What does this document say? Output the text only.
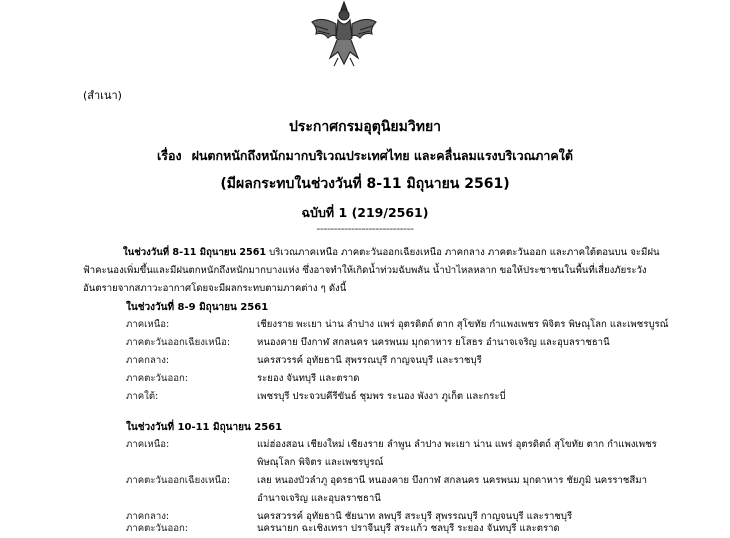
(สำเนา)
ประกาศกรมอุตุนิยมวิทยา
เรื่อง ฝนตกหนักถึงหนักมากบริเวณประเทศไทย และคลื่นลมแรงบริเวณภาคใต้
(มีผลกระทบในช่วงวันที่ 8-11 มิถุนายน 2561)
ฉบับที่ 1 (219/2561)
----------------------------
ในช่วงวันที่ 8-11 มิถุนายน 2561 บริเวณภาคเหนือ ภาคตะวันออกเฉียงเหนือ ภาคกลาง ภาคตะวันออก และภาคใต้ตอนบน จะมีฝนฟ้าคะนองเพิ่มขึ้นและมีฝนตกหนักถึงหนักมากบางแห่ง ซึ่งอาจทำให้เกิดน้ำท่วมฉับพลัน น้ำป่าไหลหลาก ขอให้ประชาชนในพื้นที่เสี่ยงภัยระวังอันตรายจากสภาวะอากาศโดยจะมีผลกระทบตามภาคต่าง ๆ ดังนี้
ในช่วงวันที่ 8-9 มิถุนายน 2561
ภาคเหนือ:	เชียงราย พะเยา น่าน ลำปาง แพร่ อุตรดิตถ์ ตาก สุโขทัย กำแพงเพชร พิจิตร พิษณุโลก และเพชรบูรณ์
ภาคตะวันออกเฉียงเหนือ:	หนองคาย บึงกาฬ สกลนคร นครพนม มุกดาหาร ยโสธร อำนาจเจริญ และอุบลราชธานี
ภาคกลาง:	นครสวรรค์ อุทัยธานี สุพรรณบุรี กาญจนบุรี และราชบุรี
ภาคตะวันออก:	ระยอง จันทบุรี และตราด
ภาคใต้:	เพชรบุรี ประจวบคีรีขันธ์ ชุมพร ระนอง พังงา ภูเก็ต และกระบี่
ในช่วงวันที่ 10-11 มิถุนายน 2561
ภาคเหนือ:	แม่ฮ่องสอน เชียงใหม่ เชียงราย ลำพูน ลำปาง พะเยา น่าน แพร่ อุตรดิตถ์ สุโขทัย ตาก กำแพงเพชร พิษณุโลก พิจิตร และเพชรบูรณ์
ภาคตะวันออกเฉียงเหนือ:	เลย หนองบัวลำภู อุดรธานี หนองคาย บึงกาฬ สกลนคร นครพนม มุกดาหาร ชัยภูมิ นครราชสีมา อำนาจเจริญ และอุบลราชธานี
ภาคกลาง:	นครสวรรค์ อุทัยธานี ชัยนาท ลพบุรี สระบุรี สุพรรณบุรี กาญจนบุรี และราชบุรี
ภาคตะวันออก:	นครนายก ฉะเชิงเทรา ปราจีนบุรี สระแก้ว ชลบุรี ระยอง จันทบุรี และตราด
